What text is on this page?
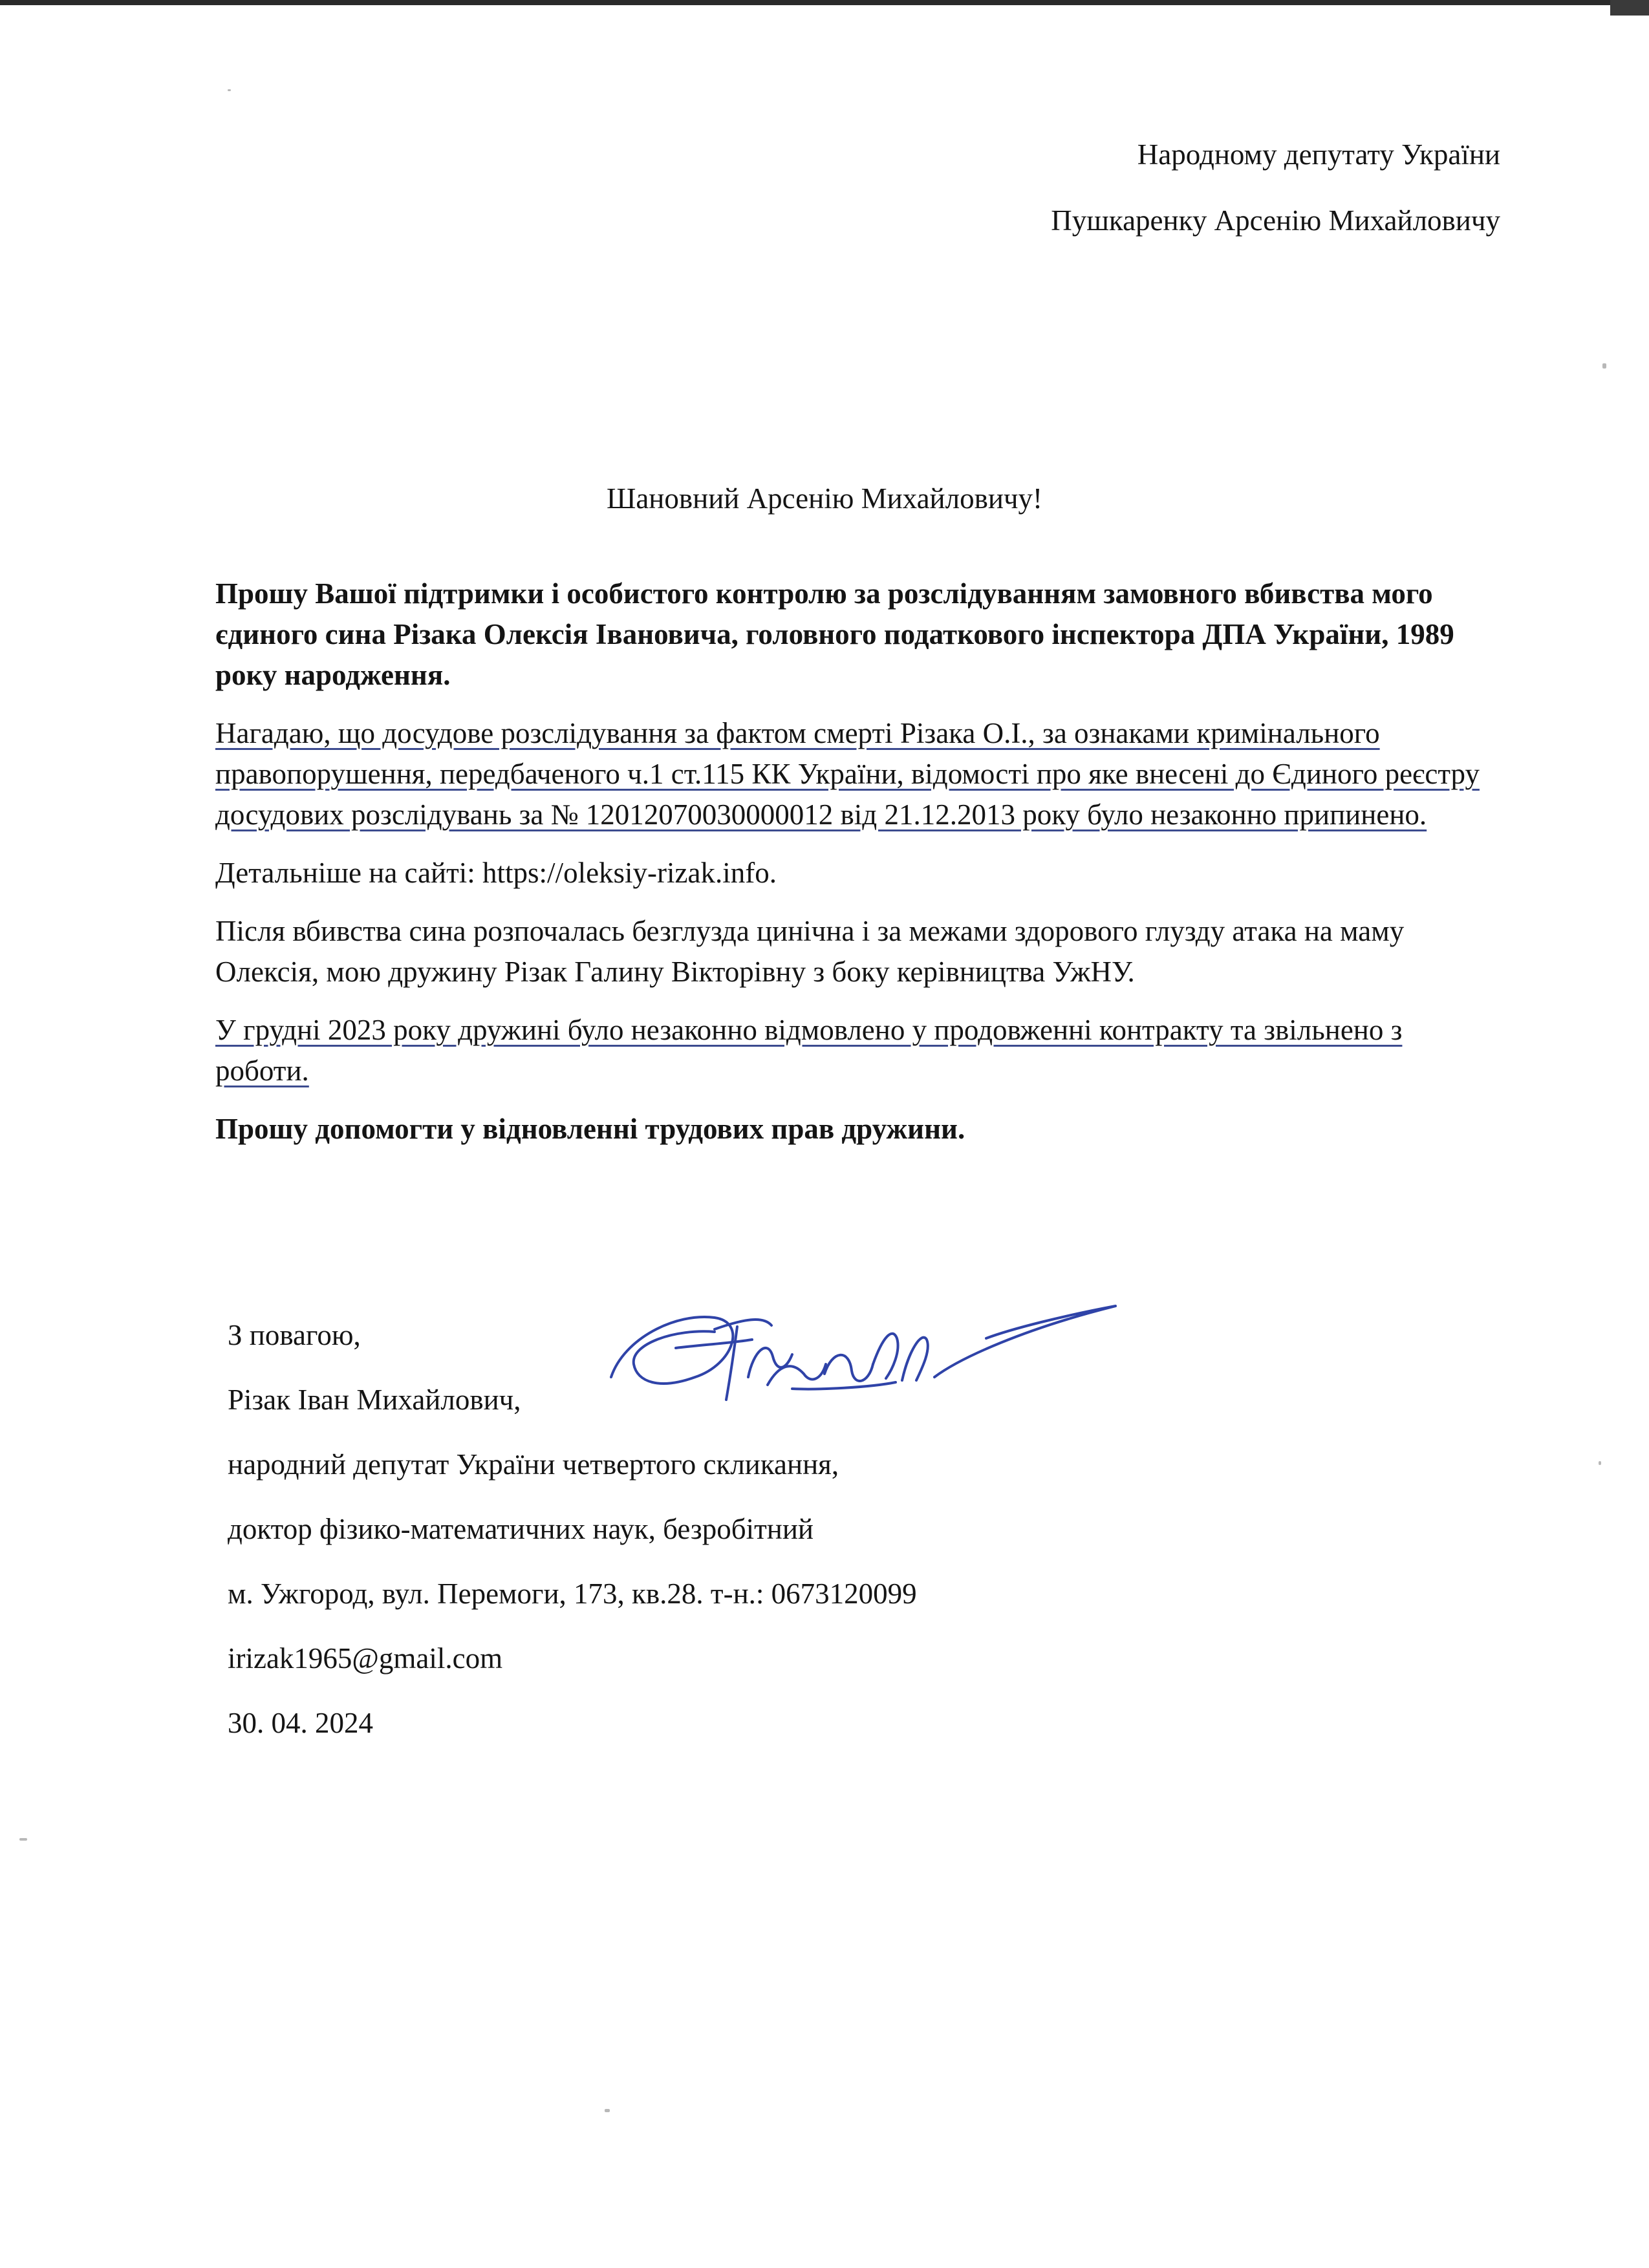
Народному депутату України
Пушкаренку Арсенію Михайловичу
Шановний Арсенію Михайловичу!

Прошу Вашої підтримки і особистого контролю за розслідуванням замовного вбивства мого єдиного сина Різака Олексія Івановича, головного податкового інспектора ДПА України, 1989 року народження.

Нагадаю, що досудове розслідування за фактом смерті Різака О.І., за ознаками кримінального правопорушення, передбаченого ч.1 ст.115 КК України, відомості про яке внесені до Єдиного реєстру досудових розслідувань за № 12012070030000012 від 21.12.2013 року було незаконно припинено.

Детальніше на сайті: https://oleksiy-rizak.info.

Після вбивства сина розпочалась безглузда цинічна і за межами здорового глузду атака на маму Олексія, мою дружину Різак Галину Вікторівну з боку керівництва УжНУ.

У грудні 2023 року дружині було незаконно відмовлено у продовженні контракту та звільнено з роботи.

Прошу допомогти у відновленні трудових прав дружини.

З повагою,
Різак Іван Михайлович,
народний депутат України четвертого скликання,
доктор фізико-математичних наук, безробітний
м. Ужгород, вул. Перемоги, 173, кв.28. т-н.: 0673120099
irizak1965@gmail.com
30. 04. 2024
